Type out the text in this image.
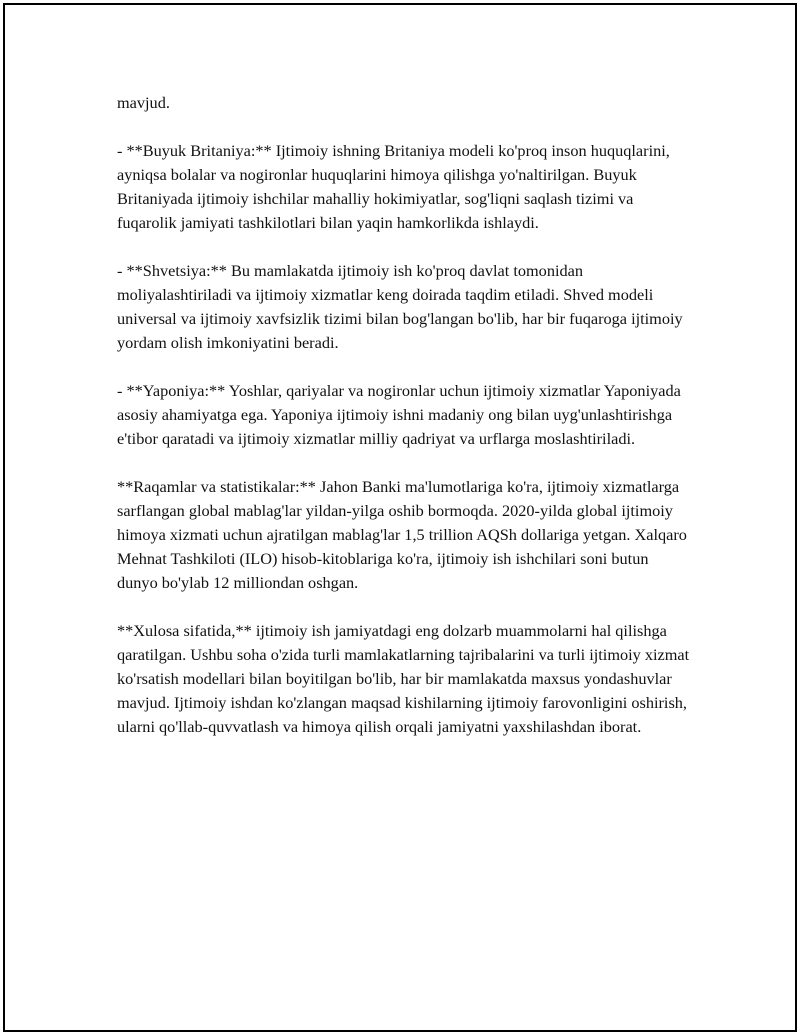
mavjud.

- **Buyuk Britaniya:** Ijtimoiy ishning Britaniya modeli ko'proq inson huquqlarini, ayniqsa bolalar va nogironlar huquqlarini himoya qilishga yo'naltirilgan. Buyuk Britaniyada ijtimoiy ishchilar mahalliy hokimiyatlar, sog'liqni saqlash tizimi va fuqarolik jamiyati tashkilotlari bilan yaqin hamkorlikda ishlaydi.

- **Shvetsiya:** Bu mamlakatda ijtimoiy ish ko'proq davlat tomonidan moliyalashtiriladi va ijtimoiy xizmatlar keng doirada taqdim etiladi. Shved modeli universal va ijtimoiy xavfsizlik tizimi bilan bog'langan bo'lib, har bir fuqaroga ijtimoiy yordam olish imkoniyatini beradi.

- **Yaponiya:** Yoshlar, qariyalar va nogironlar uchun ijtimoiy xizmatlar Yaponiyada asosiy ahamiyatga ega. Yaponiya ijtimoiy ishni madaniy ong bilan uyg'unlashtirishga e'tibor qaratadi va ijtimoiy xizmatlar milliy qadriyat va urflarga moslashtiriladi.

**Raqamlar va statistikalar:** Jahon Banki ma'lumotlariga ko'ra, ijtimoiy xizmatlarga sarflangan global mablag'lar yildan-yilga oshib bormoqda. 2020-yilda global ijtimoiy himoya xizmati uchun ajratilgan mablag'lar 1,5 trillion AQSh dollariga yetgan. Xalqaro Mehnat Tashkiloti (ILO) hisob-kitoblariga ko'ra, ijtimoiy ish ishchilari soni butun dunyo bo'ylab 12 milliondan oshgan.

**Xulosa sifatida,** ijtimoiy ish jamiyatdagi eng dolzarb muammolarni hal qilishga qaratilgan. Ushbu soha o'zida turli mamlakatlarning tajribalarini va turli ijtimoiy xizmat ko'rsatish modellari bilan boyitilgan bo'lib, har bir mamlakatda maxsus yondashuvlar mavjud. Ijtimoiy ishdan ko'zlangan maqsad kishilarning ijtimoiy farovonligini oshirish, ularni qo'llab-quvvatlash va himoya qilish orqali jamiyatni yaxshilashdan iborat.
